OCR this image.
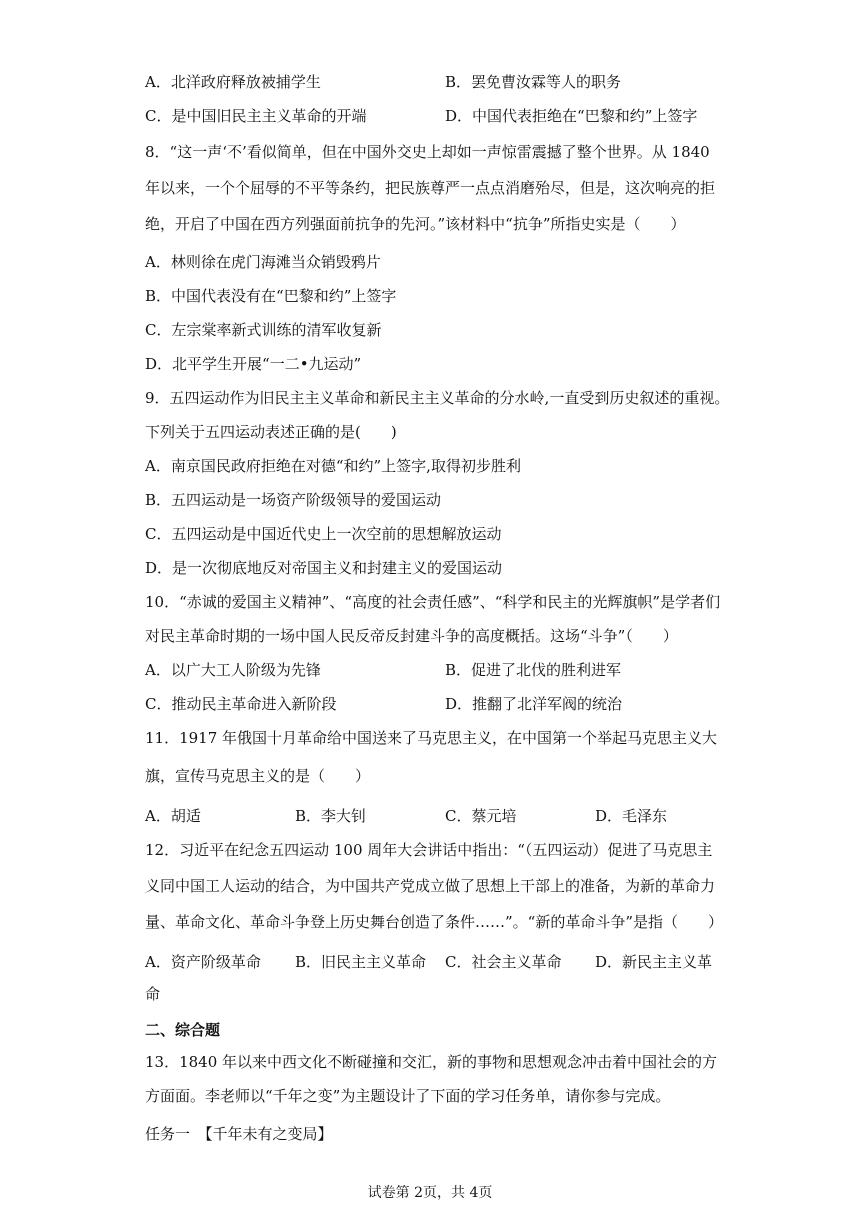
A．北洋政府释放被捕学生	B．罢免曹汝霖等人的职务
C．是中国旧民主主义革命的开端	D．中国代表拒绝在“巴黎和约”上签字
8．“这一声‘不’看似简单，但在中国外交史上却如一声惊雷震撼了整个世界。从 1840
年以来，一个个屈辱的不平等条约，把民族尊严一点点消磨殆尽，但是，这次响亮的拒
绝，开启了中国在西方列强面前抗争的先河。”该材料中“抗争”所指史实是（　　）
A．林则徐在虎门海滩当众销毁鸦片
B．中国代表没有在“巴黎和约”上签字
C．左宗棠率新式训练的清军收复新
D．北平学生开展“一二•九运动”
9．五四运动作为旧民主主义革命和新民主主义革命的分水岭,一直受到历史叙述的重视。
下列关于五四运动表述正确的是(　　)
A．南京国民政府拒绝在对德“和约”上签字,取得初步胜利
B．五四运动是一场资产阶级领导的爱国运动
C．五四运动是中国近代史上一次空前的思想解放运动
D．是一次彻底地反对帝国主义和封建主义的爱国运动
10．“赤诚的爱国主义精神”、“高度的社会责任感”、“科学和民主的光辉旗帜”是学者们
对民主革命时期的一场中国人民反帝反封建斗争的高度概括。这场“斗争”（　　）
A．以广大工人阶级为先锋	B．促进了北伐的胜利进军
C．推动民主革命进入新阶段	D．推翻了北洋军阀的统治
11．1917 年俄国十月革命给中国送来了马克思主义，在中国第一个举起马克思主义大
旗，宣传马克思主义的是（　　）
A．胡适	B．李大钊	C．蔡元培	D．毛泽东
12．习近平在纪念五四运动 100 周年大会讲话中指出：“（五四运动）促进了马克思主
义同中国工人运动的结合，为中国共产党成立做了思想上干部上的准备，为新的革命力
量、革命文化、革命斗争登上历史舞台创造了条件……”。“新的革命斗争”是指（　　）
A．资产阶级革命 B．旧民主主义革命 C．社会主义革命 D．新民主主义革
命
二、综合题
13．1840 年以来中西文化不断碰撞和交汇，新的事物和思想观念冲击着中国社会的方
方面面。李老师以“千年之变”为主题设计了下面的学习任务单，请你参与完成。
任务一　【千年未有之变局】
试卷第 2页，共 4页
